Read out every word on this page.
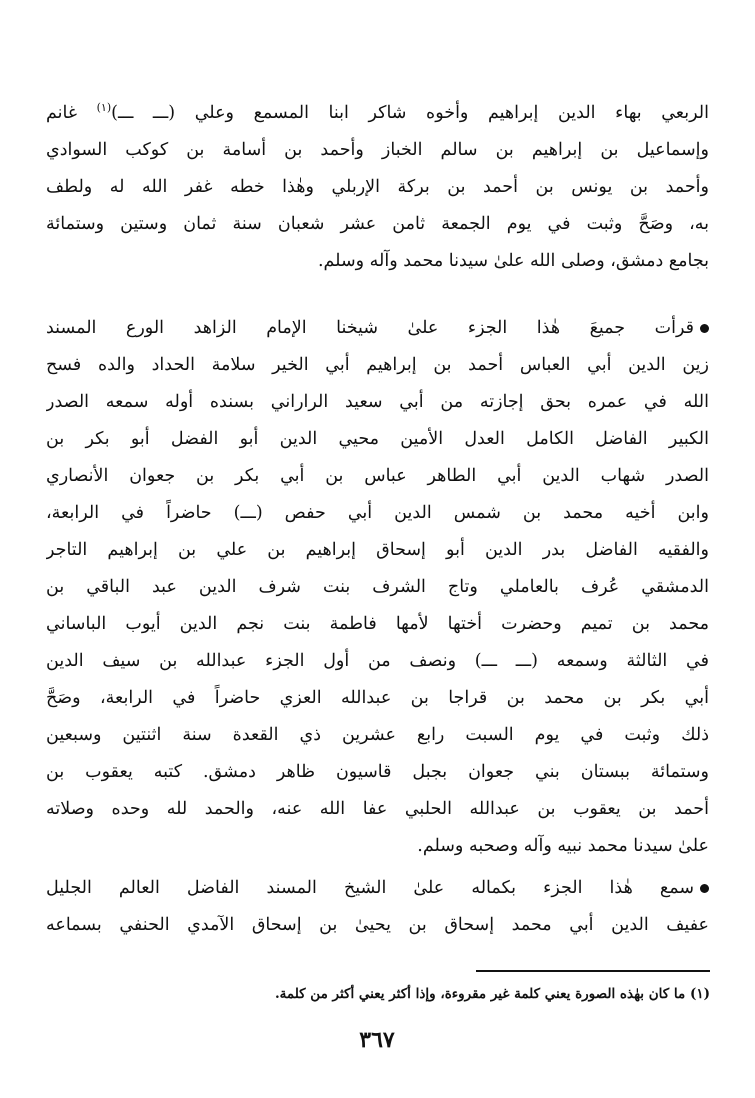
الربعي بهاء الدين إبراهيم وأخوه شاكر ابنا المسمع وعلي (ـــ ـــ)$^{(١)}$ غانم
وإسماعيل بن إبراهيم بن سالم الخباز وأحمد بن أسامة بن كوكب السوادي
وأحمد بن يونس بن أحمد بن بركة الإربلي وهٰذا خطه غفر الله له ولطف
به، وصَحَّ وثبت في يوم الجمعة ثامن عشر شعبان سنة ثمان وستين وستمائة
بجامع دمشق، وصلى الله علىٰ سيدنا محمد وآله وسلم.
قرأت جميعَ هٰذا الجزء علىٰ شيخنا الإمام الزاهد الورع المسند
زين الدين أبي العباس أحمد بن إبراهيم أبي الخير سلامة الحداد والده فسح
الله في عمره بحق إجازته من أبي سعيد الراراني بسنده أوله سمعه الصدر
الكبير الفاضل الكامل العدل الأمين محيي الدين أبو الفضل أبو بكر بن
الصدر شهاب الدين أبي الطاهر عباس بن أبي بكر بن جعوان الأنصاري
وابن أخيه محمد بن شمس الدين أبي حفص (ـــ) حاضراً في الرابعة،
والفقيه الفاضل بدر الدين أبو إسحاق إبراهيم بن علي بن إبراهيم التاجر
الدمشقي عُرف بالعاملي وتاج الشرف بنت شرف الدين عبد الباقي بن
محمد بن تميم وحضرت أختها لأمها فاطمة بنت نجم الدين أيوب الباساني
في الثالثة وسمعه (ـــ ـــ) ونصف من أول الجزء عبدالله بن سيف الدين
أبي بكر بن محمد بن قراجا بن عبدالله العزي حاضراً في الرابعة، وصَحَّ
ذلك وثبت في يوم السبت رابع عشرين ذي القعدة سنة اثنتين وسبعين
وستمائة ببستان بني جعوان بجبل قاسيون ظاهر دمشق. كتبه يعقوب بن
أحمد بن يعقوب بن عبدالله الحلبي عفا الله عنه، والحمد لله وحده وصلاته
علىٰ سيدنا محمد نبيه وآله وصحبه وسلم.
سمع هٰذا الجزء بكماله علىٰ الشيخ المسند الفاضل العالم الجليل
عفيف الدين أبي محمد إسحاق بن يحيىٰ بن إسحاق الآمدي الحنفي بسماعه
(١) ما كان بهٰذه الصورة يعني كلمة غير مقروءة، وإذا أكثر يعني أكثر من كلمة.
٣٦٧
